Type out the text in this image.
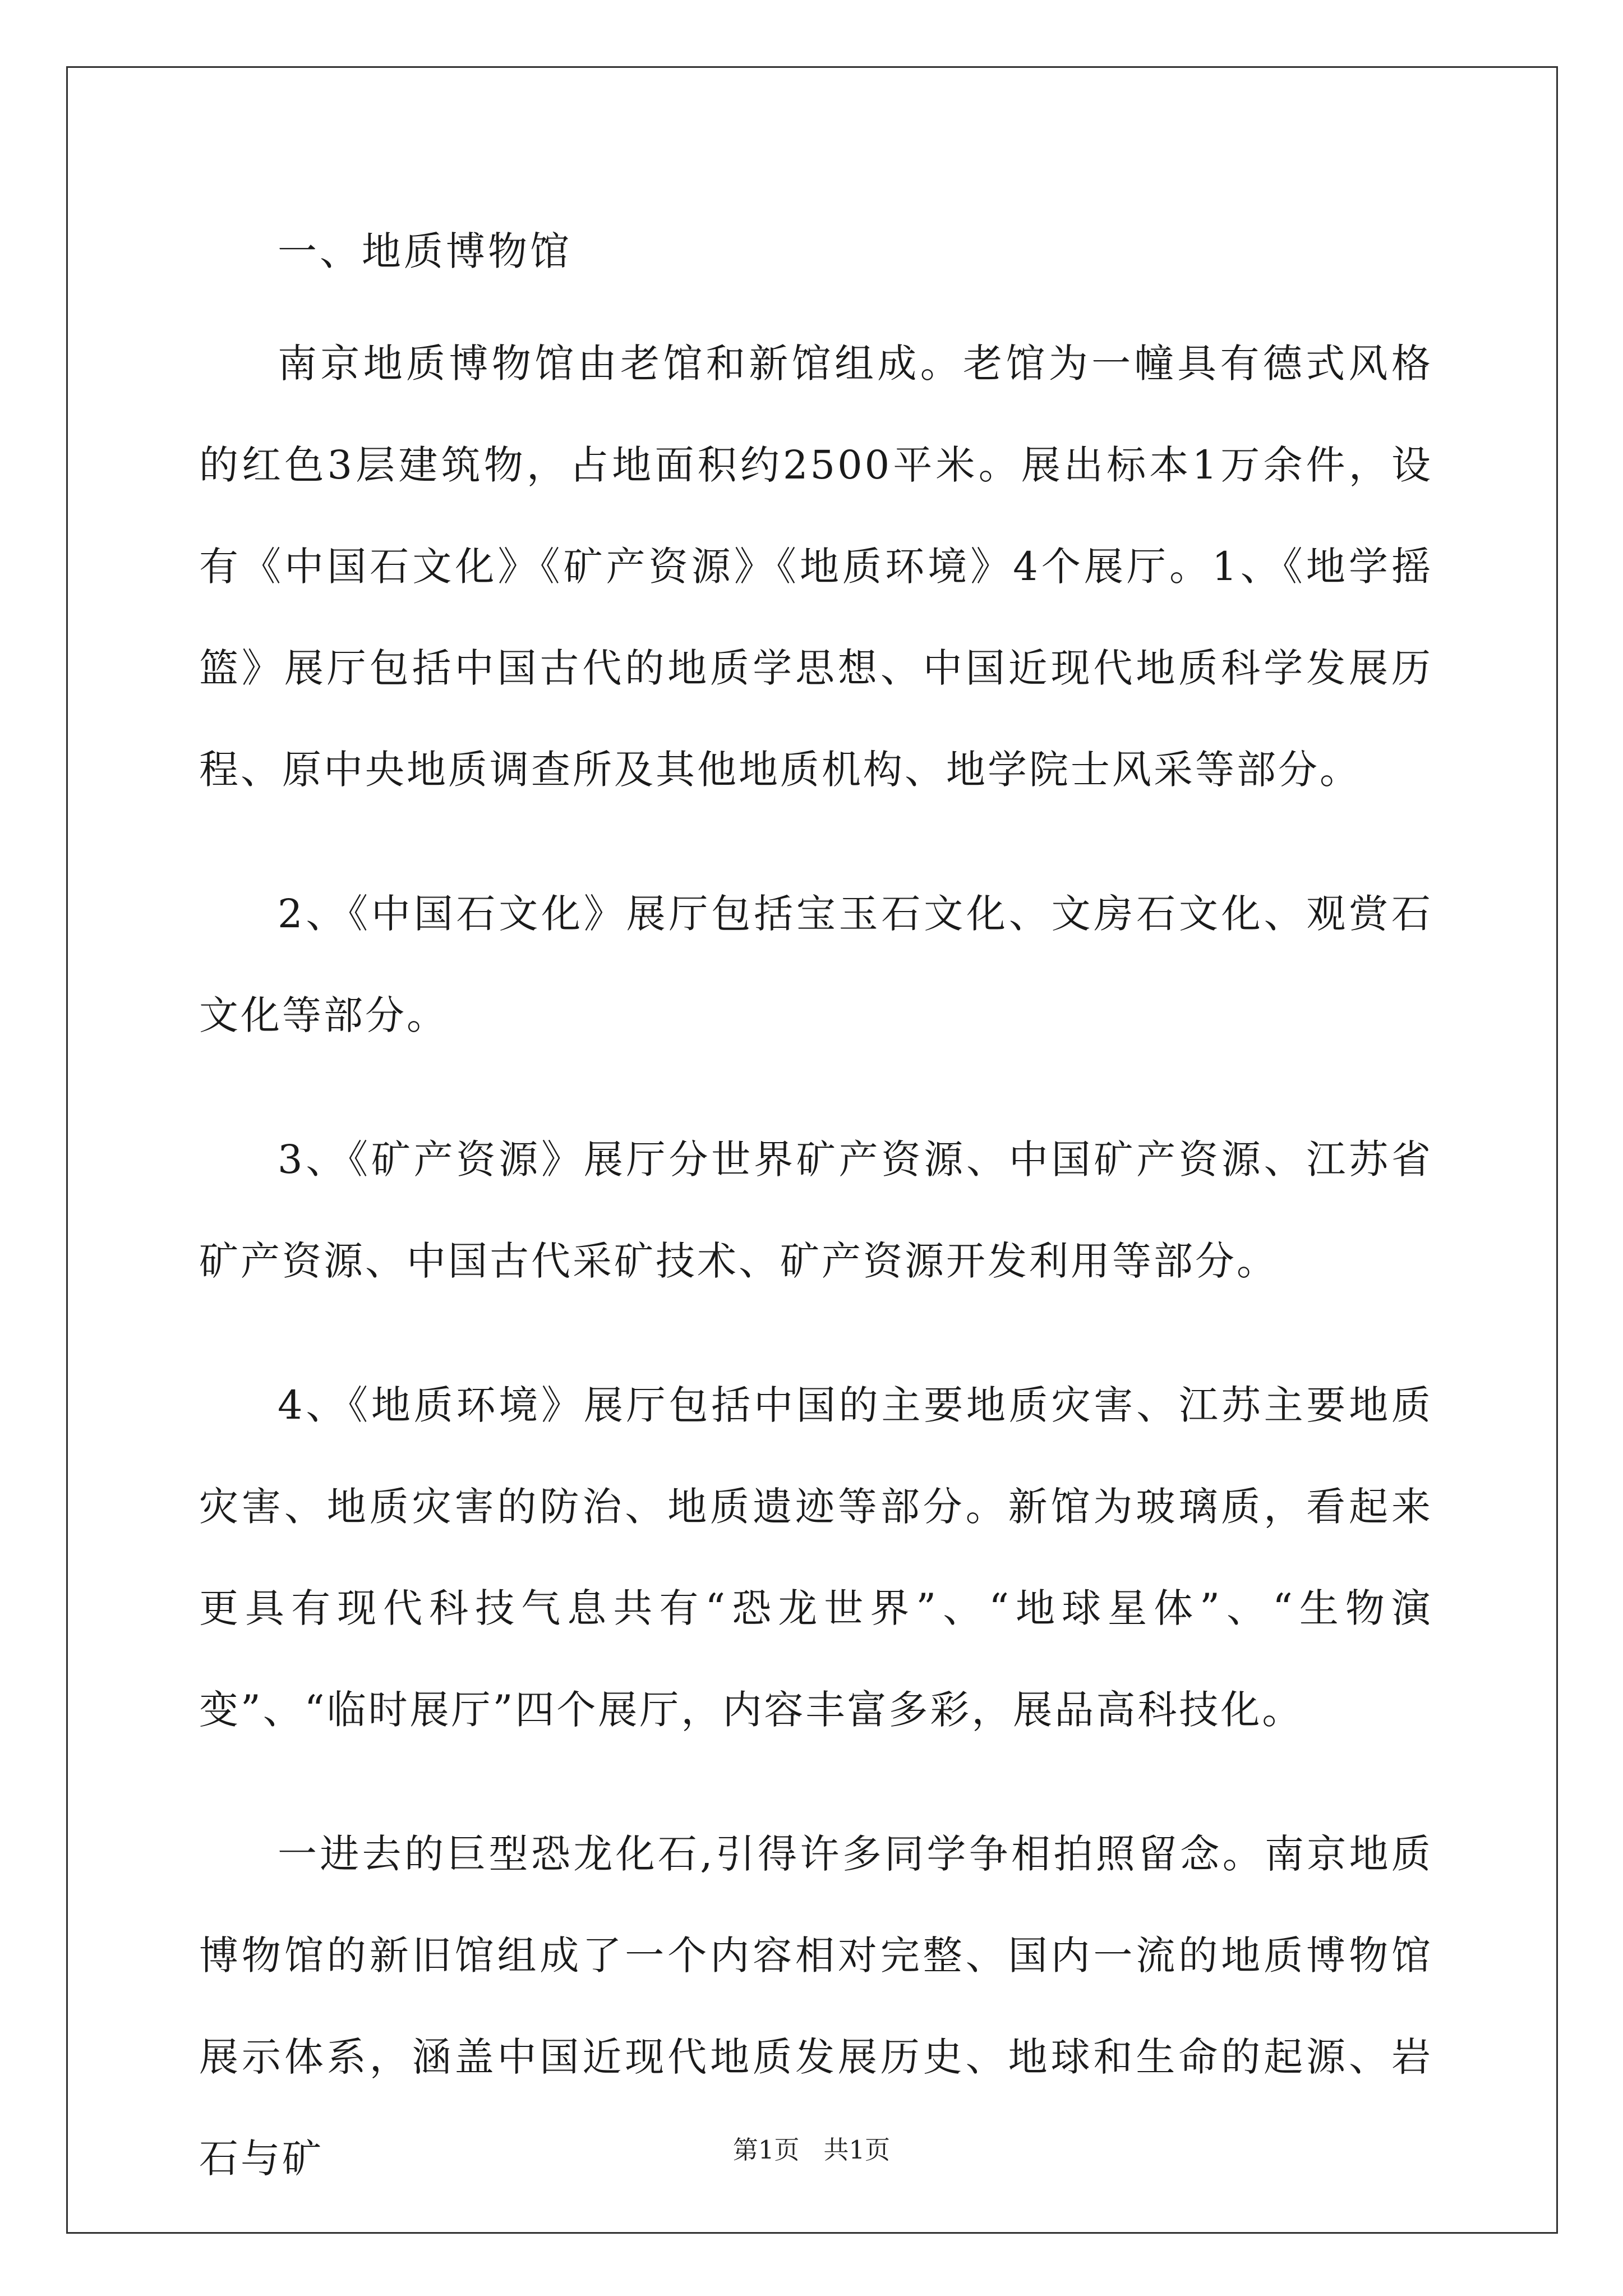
一、地质博物馆

南京地质博物馆由老馆和新馆组成。老馆为一幢具有德式风格的红色3层建筑物，占地面积约2500平米。展出标本1万余件，设有《中国石文化》《矿产资源》《地质环境》4个展厅。1、《地学摇篮》展厅包括中国古代的地质学思想、中国近现代地质科学发展历程、原中央地质调查所及其他地质机构、地学院士风采等部分。

2、《中国石文化》展厅包括宝玉石文化、文房石文化、观赏石文化等部分。

3、《矿产资源》展厅分世界矿产资源、中国矿产资源、江苏省矿产资源、中国古代采矿技术、矿产资源开发利用等部分。

4、《地质环境》展厅包括中国的主要地质灾害、江苏主要地质灾害、地质灾害的防治、地质遗迹等部分。新馆为玻璃质，看起来更具有现代科技气息共有“恐龙世界”、“地球星体”、“生物演变”、“临时展厅”四个展厅，内容丰富多彩，展品高科技化。

一进去的巨型恐龙化石,引得许多同学争相拍照留念。南京地质博物馆的新旧馆组成了一个内容相对完整、国内一流的地质博物馆展示体系，涵盖中国近现代地质发展历史、地球和生命的起源、岩石与矿	第1页   共1页
